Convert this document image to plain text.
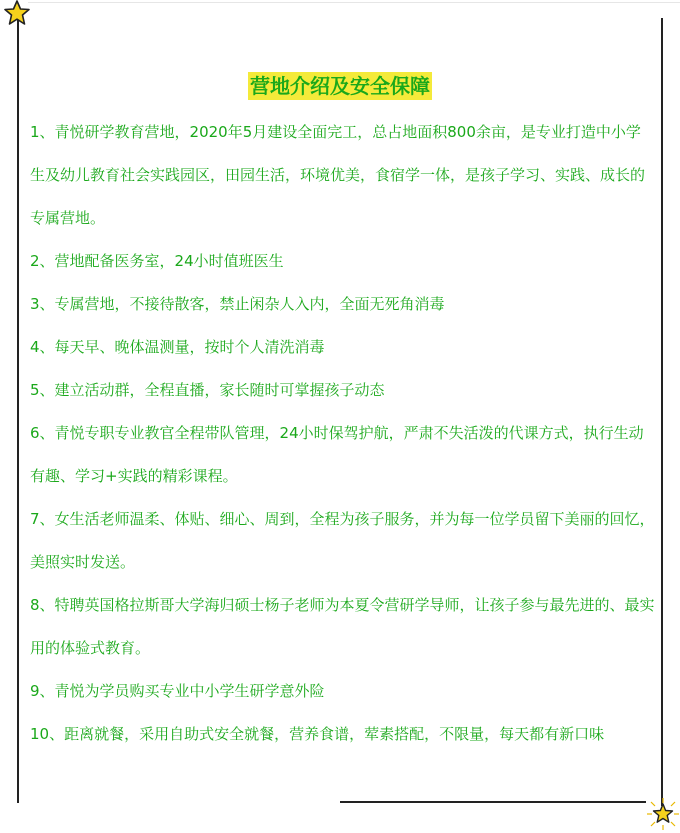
营地介绍及安全保障

1、青悦研学教育营地，2020年5月建设全面完工，总占地面积800余亩，是专业打造中小学生及幼儿教育社会实践园区，田园生活，环境优美，食宿学一体，是孩子学习、实践、成长的专属营地。

2、营地配备医务室，24小时值班医生

3、专属营地，不接待散客，禁止闲杂人入内，全面无死角消毒

4、每天早、晚体温测量，按时个人清洗消毒

5、建立活动群，全程直播，家长随时可掌握孩子动态

6、青悦专职专业教官全程带队管理，24小时保驾护航，严肃不失活泼的代课方式，执行生动有趣、学习+实践的精彩课程。

7、女生活老师温柔、体贴、细心、周到，全程为孩子服务，并为每一位学员留下美丽的回忆，美照实时发送。

8、特聘英国格拉斯哥大学海归硕士杨子老师为本夏令营研学导师，让孩子参与最先进的、最实用的体验式教育。

9、青悦为学员购买专业中小学生研学意外险

10、距离就餐，采用自助式安全就餐，营养食谱，荤素搭配，不限量，每天都有新口味
